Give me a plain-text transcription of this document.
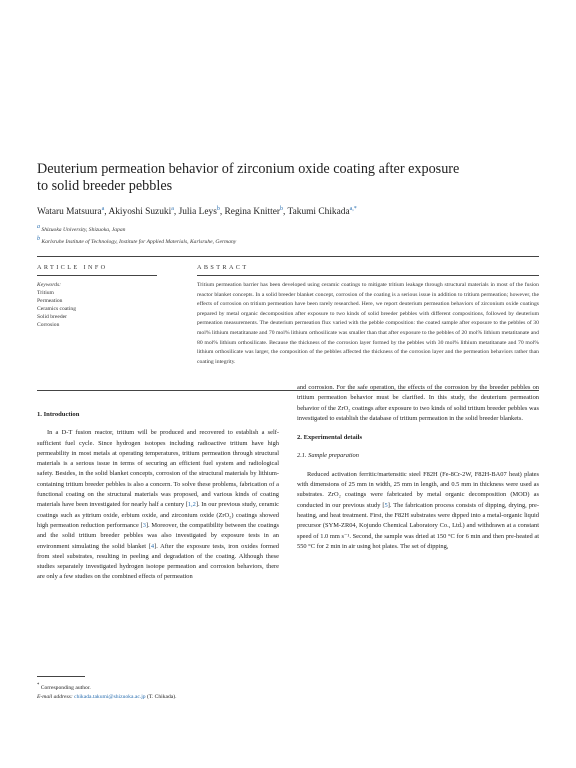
Deuterium permeation behavior of zirconium oxide coating after exposure to solid breeder pebbles
Wataru Matsuura$^a$, Akiyoshi Suzuki$^a$, Julia Leys$^b$, Regina Knitter$^b$, Takumi Chikada$^{a,*}$
$^a$ Shizuoka University, Shizuoka, Japan
$^b$ Karlsruhe Institute of Technology, Institute for Applied Materials, Karlsruhe, Germany
ARTICLE INFO	ABSTRACT
Keywords:
Tritium
Permeation
Ceramics coating
Solid breeder
Corrosion
Tritium permeation barrier has been developed using ceramic coatings to mitigate tritium leakage through structural materials in most of the fusion reactor blanket concepts. In a solid breeder blanket concept, corrosion of the coating is a serious issue in addition to tritium permeation; however, the effects of corrosion on tritium permeation have been rarely researched. Here, we report deuterium permeation behaviors of zirconium oxide coatings prepared by metal organic decomposition after exposure to two kinds of solid breeder pebbles with different compositions, followed by deuterium permeation measurements. The deuterium permeation flux varied with the pebble composition: the coated sample after exposure to the pebbles of 30 mol% lithium metatitanate and 70 mol% lithium orthosilicate was smaller than that after exposure to the pebbles of 20 mol% lithium metatitanate and 80 mol% lithium orthosilicate. Because the thickness of the corrosion layer formed by the pebbles with 30 mol% lithium metatitanate and 70 mol% lithium orthosilicate was larger, the composition of the pebbles affected the thickness of the corrosion layer and the permeation behaviors rather than coating integrity.

1. Introduction

In a D-T fusion reactor, tritium will be produced and recovered to establish a self-sufficient fuel cycle. Since hydrogen isotopes including radioactive tritium have high permeability in most metals at operating temperatures, tritium permeation through structural materials is a serious issue in terms of securing an efficient fuel system and radiological safety. Besides, in the solid blanket concepts, corrosion of the structural materials by lithium-containing tritium breeder pebbles is also a concern. To solve these problems, fabrication of a functional coating on the structural materials was proposed, and various kinds of coating materials have been investigated for nearly half a century [1,2]. In our previous study, ceramic coatings such as yttrium oxide, erbium oxide, and zirconium oxide (ZrO₂) coatings showed high permeation reduction performance [3]. Moreover, the compatibility between the coatings and the solid tritium breeder pebbles was also investigated by exposure tests in an environment simulating the solid blanket [4]. After the exposure tests, iron oxides formed from steel substrates, resulting in peeling and degradation of the coating. Although these studies separately investigated hydrogen isotope permeation and corrosion behaviors, there are only a few studies on the combined effects of permeation

and corrosion. For the safe operation, the effects of the corrosion by the breeder pebbles on tritium permeation behavior must be clarified. In this study, the deuterium permeation behavior of the ZrO₂ coatings after exposure to two kinds of solid tritium breeder pebbles was investigated to establish the database of tritium permeation in the solid breeder blankets.

2. Experimental details

2.1. Sample preparation

Reduced activation ferritic/martensitic steel F82H (Fe-8Cr-2W, F82H-BA07 heat) plates with dimensions of 25 mm in width, 25 mm in length, and 0.5 mm in thickness were used as substrates. ZrO₂ coatings were fabricated by metal organic decomposition (MOD) as conducted in our previous study [5]. The fabrication process consists of dipping, drying, pre-heating, and heat treatment. First, the F82H substrates were dipped into a metal-organic liquid precursor (SYM-ZR04, Kojundo Chemical Laboratory Co., Ltd.) and withdrawn at a constant speed of 1.0 mm s⁻¹. Second, the sample was dried at 150 °C for 6 min and then pre-heated at 550 °C for 2 min in air using hot plates. The set of dipping,

* Corresponding author.
E-mail address: chikada.takumi@shizuoka.ac.jp (T. Chikada).
